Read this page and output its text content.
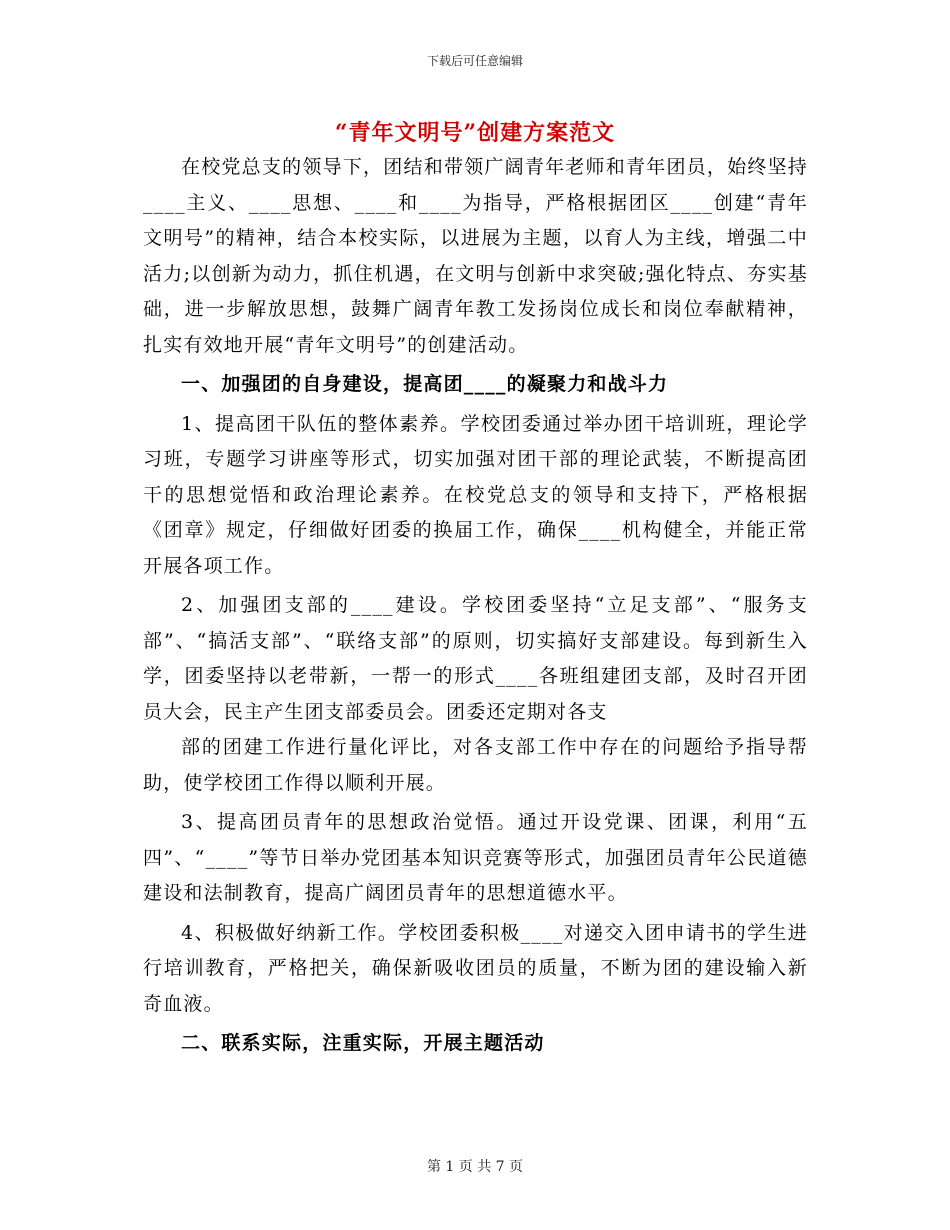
下载后可任意编辑
“青年文明号”创建方案范文

在校党总支的领导下，团结和带领广阔青年老师和青年团员，始终坚持____主义、____思想、____和____为指导，严格根据团区____创建“青年文明号”的精神，结合本校实际，以进展为主题，以育人为主线，增强二中活力;以创新为动力，抓住机遇，在文明与创新中求突破;强化特点、夯实基础，进一步解放思想，鼓舞广阔青年教工发扬岗位成长和岗位奉献精神，扎实有效地开展“青年文明号”的创建活动。

一、加强团的自身建设，提高团____的凝聚力和战斗力

1、提高团干队伍的整体素养。学校团委通过举办团干培训班，理论学习班，专题学习讲座等形式，切实加强对团干部的理论武装，不断提高团干的思想觉悟和政治理论素养。在校党总支的领导和支持下，严格根据《团章》规定，仔细做好团委的换届工作，确保____机构健全，并能正常开展各项工作。

2、加强团支部的____建设。学校团委坚持“立足支部”、“服务支部”、“搞活支部”、“联络支部”的原则，切实搞好支部建设。每到新生入学，团委坚持以老带新，一帮一的形式____各班组建团支部，及时召开团员大会，民主产生团支部委员会。团委还定期对各支

部的团建工作进行量化评比，对各支部工作中存在的问题给予指导帮助，使学校团工作得以顺利开展。

3、提高团员青年的思想政治觉悟。通过开设党课、团课，利用“五四”、“____”等节日举办党团基本知识竞赛等形式，加强团员青年公民道德建设和法制教育，提高广阔团员青年的思想道德水平。

4、积极做好纳新工作。学校团委积极____对递交入团申请书的学生进行培训教育，严格把关，确保新吸收团员的质量，不断为团的建设输入新奇血液。

二、联系实际，注重实际，开展主题活动
第 1 页 共 7 页
